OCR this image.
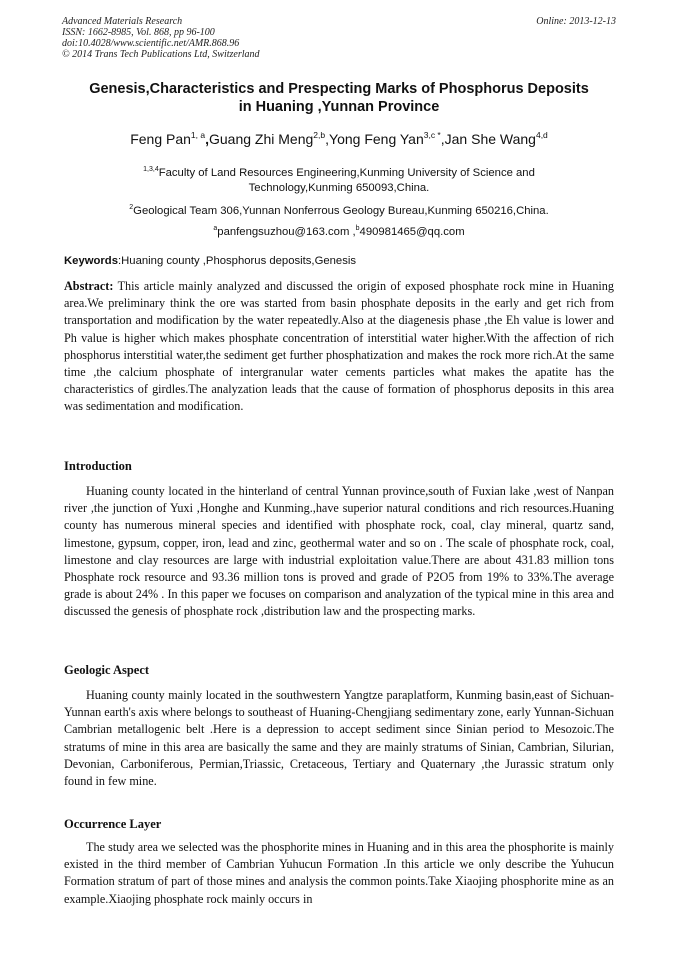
Advanced Materials Research
ISSN: 1662-8985, Vol. 868, pp 96-100
doi:10.4028/www.scientific.net/AMR.868.96
© 2014 Trans Tech Publications Ltd, Switzerland
Online: 2013-12-13
Genesis,Characteristics and Prespecting Marks of Phosphorus Deposits
in Huaning ,Yunnan Province
Feng Pan$^{1, a}$,Guang Zhi Meng$^{2,b}$,Yong Feng Yan$^{3,c *}$,Jan She Wang$^{4,d}$
$^{1,3,4}$Faculty of Land Resources Engineering,Kunming University of Science and
Technology,Kunming 650093,China.
$^2$Geological Team 306,Yunnan Nonferrous Geology Bureau,Kunming 650216,China.
$^a$panfengsuzhou@163.com ,$^b$490981465@qq.com
Keywords:Huaning county ,Phosphorus deposits,Genesis
Abstract: This article mainly analyzed and discussed the origin of exposed phosphate rock mine in Huaning area.We preliminary think the ore was started from basin phosphate deposits in the early and get rich from transportation and modification by the water repeatedly.Also at the diagenesis phase ,the Eh value is lower and Ph value is higher which makes phosphate concentration of interstitial water higher.With the affection of rich phosphorus interstitial water,the sediment get further phosphatization and makes the rock more rich.At the same time ,the calcium phosphate of intergranular water cements particles what makes the apatite has the characteristics of girdles.The analyzation leads that the cause of formation of phosphorus deposits in this area was sedimentation and modification.
Introduction
Huaning county located in the hinterland of central Yunnan province,south of Fuxian lake ,west of Nanpan river ,the junction of Yuxi ,Honghe and Kunming.,have superior natural conditions and rich resources.Huaning county has numerous mineral species and identified with phosphate rock, coal, clay mineral, quartz sand, limestone, gypsum, copper, iron, lead and zinc, geothermal water and so on . The scale of phosphate rock, coal, limestone and clay resources are large with industrial exploitation value.There are about 431.83 million tons Phosphate rock resource and 93.36 million tons is proved and grade of P2O5 from 19% to 33%.The average grade is about 24% . In this paper we focuses on comparison and analyzation of the typical mine in this area and discussed the genesis of phosphate rock ,distribution law and the prospecting marks.
Geologic Aspect
Huaning county mainly located in the southwestern Yangtze paraplatform, Kunming basin,east of Sichuan-Yunnan earth's axis where belongs to southeast of Huaning-Chengjiang sedimentary zone, early Yunnan-Sichuan Cambrian metallogenic belt .Here is a depression to accept sediment since Sinian period to Mesozoic.The stratums of mine in this area are basically the same and they are mainly stratums of Sinian, Cambrian, Silurian, Devonian, Carboniferous, Permian,Triassic, Cretaceous, Tertiary and Quaternary ,the Jurassic stratum only found in few mine.
Occurrence Layer
The study area we selected was the phosphorite mines in Huaning and in this area the phosphorite is mainly existed in the third member of Cambrian Yuhucun Formation .In this article we only describe the Yuhucun Formation stratum of part of those mines and analysis the common points.Take Xiaojing phosphorite mine as an example.Xiaojing phosphate rock mainly occurs in
